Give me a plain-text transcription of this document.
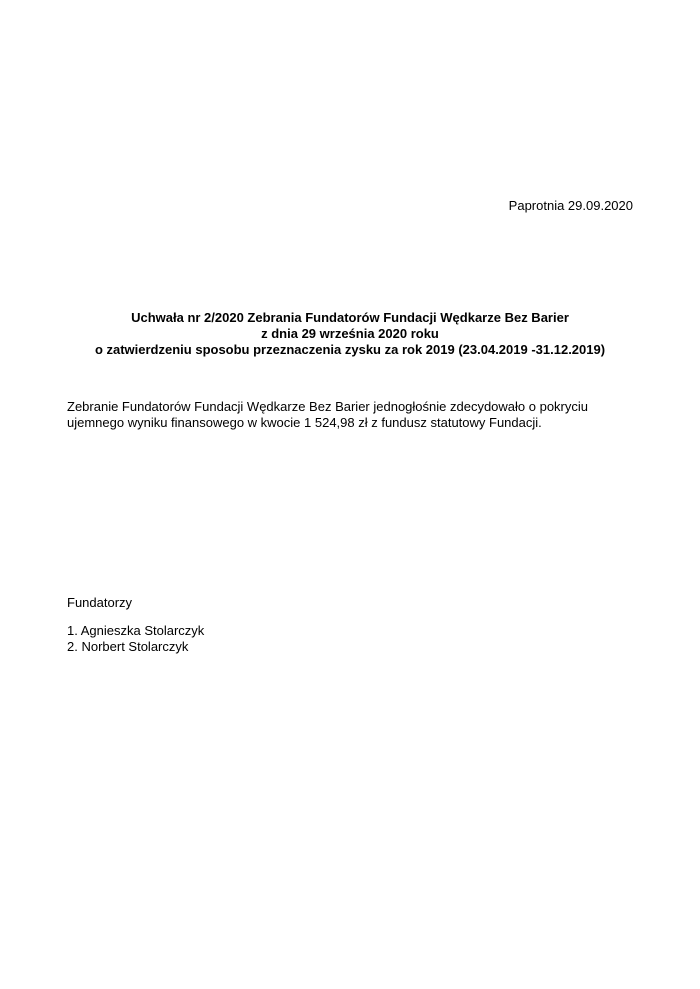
Paprotnia 29.09.2020
Uchwała nr 2/2020 Zebrania Fundatorów Fundacji Wędkarze Bez Barier
z dnia 29 września 2020 roku
o zatwierdzeniu sposobu przeznaczenia zysku za rok 2019 (23.04.2019 -31.12.2019)
Zebranie Fundatorów Fundacji Wędkarze Bez Barier jednogłośnie zdecydowało o pokryciu
ujemnego wyniku finansowego w kwocie 1 524,98 zł z fundusz statutowy Fundacji.
Fundatorzy
1. Agnieszka Stolarczyk
2. Norbert Stolarczyk
